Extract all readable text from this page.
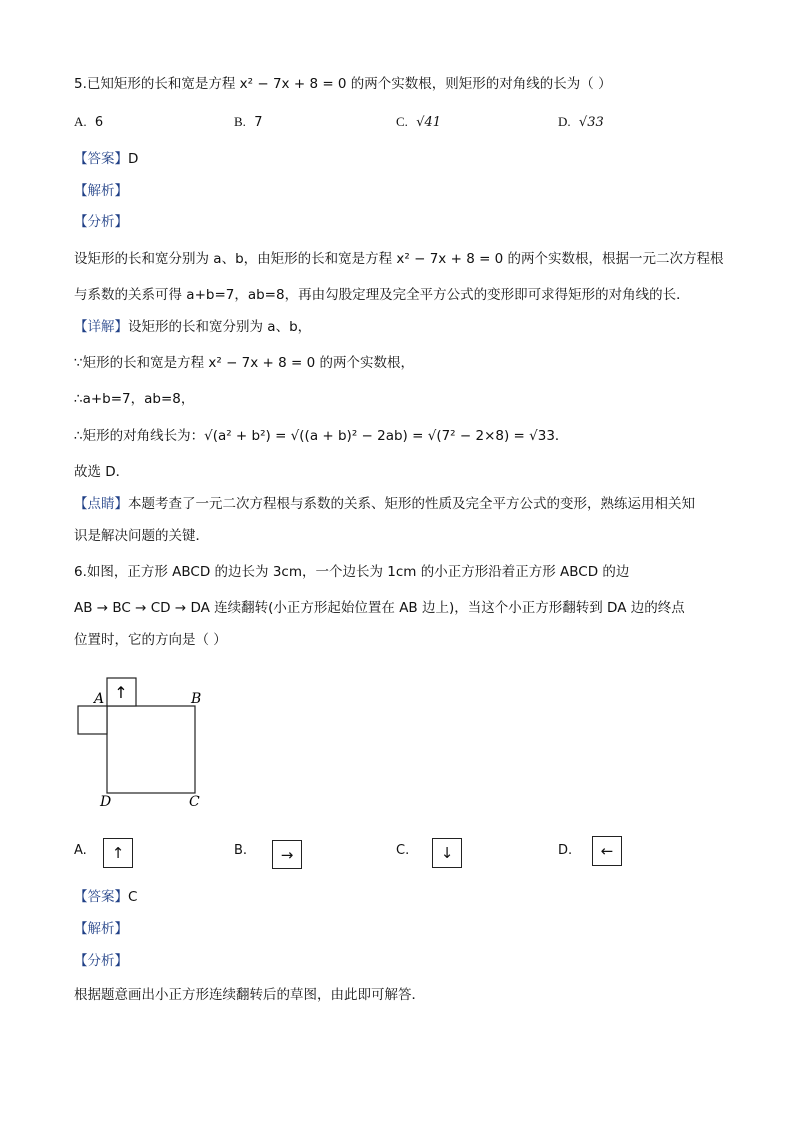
5.已知矩形的长和宽是方程 x² − 7x + 8 = 0 的两个实数根，则矩形的对角线的长为（ ）
A. 6	B. 7	C. √41	D. √33
【答案】D
【解析】
【分析】
设矩形的长和宽分别为 a、b，由矩形的长和宽是方程 x² − 7x + 8 = 0 的两个实数根，根据一元二次方程根
与系数的关系可得 a+b=7，ab=8，再由勾股定理及完全平方公式的变形即可求得矩形的对角线的长．
【详解】设矩形的长和宽分别为 a、b，
∵矩形的长和宽是方程 x² − 7x + 8 = 0 的两个实数根，
∴a+b=7，ab=8，
∴矩形的对角线长为：√(a² + b²) = √((a + b)² − 2ab) = √(7² − 2×8) = √33．
故选 D．
【点睛】本题考查了一元二次方程根与系数的关系、矩形的性质及完全平方公式的变形，熟练运用相关知
识是解决问题的关键．
6.如图，正方形 ABCD 的边长为 3cm，一个边长为 1cm 的小正方形沿着正方形 ABCD 的边
AB → BC → CD → DA 连续翻转(小正方形起始位置在 AB 边上)，当这个小正方形翻转到 DA 边的终点
位置时，它的方向是（ ）
↑
A	B
C
D
A.	↑	B.	→	C.	↓	D.	←
【答案】C
【解析】
【分析】
根据题意画出小正方形连续翻转后的草图，由此即可解答．
